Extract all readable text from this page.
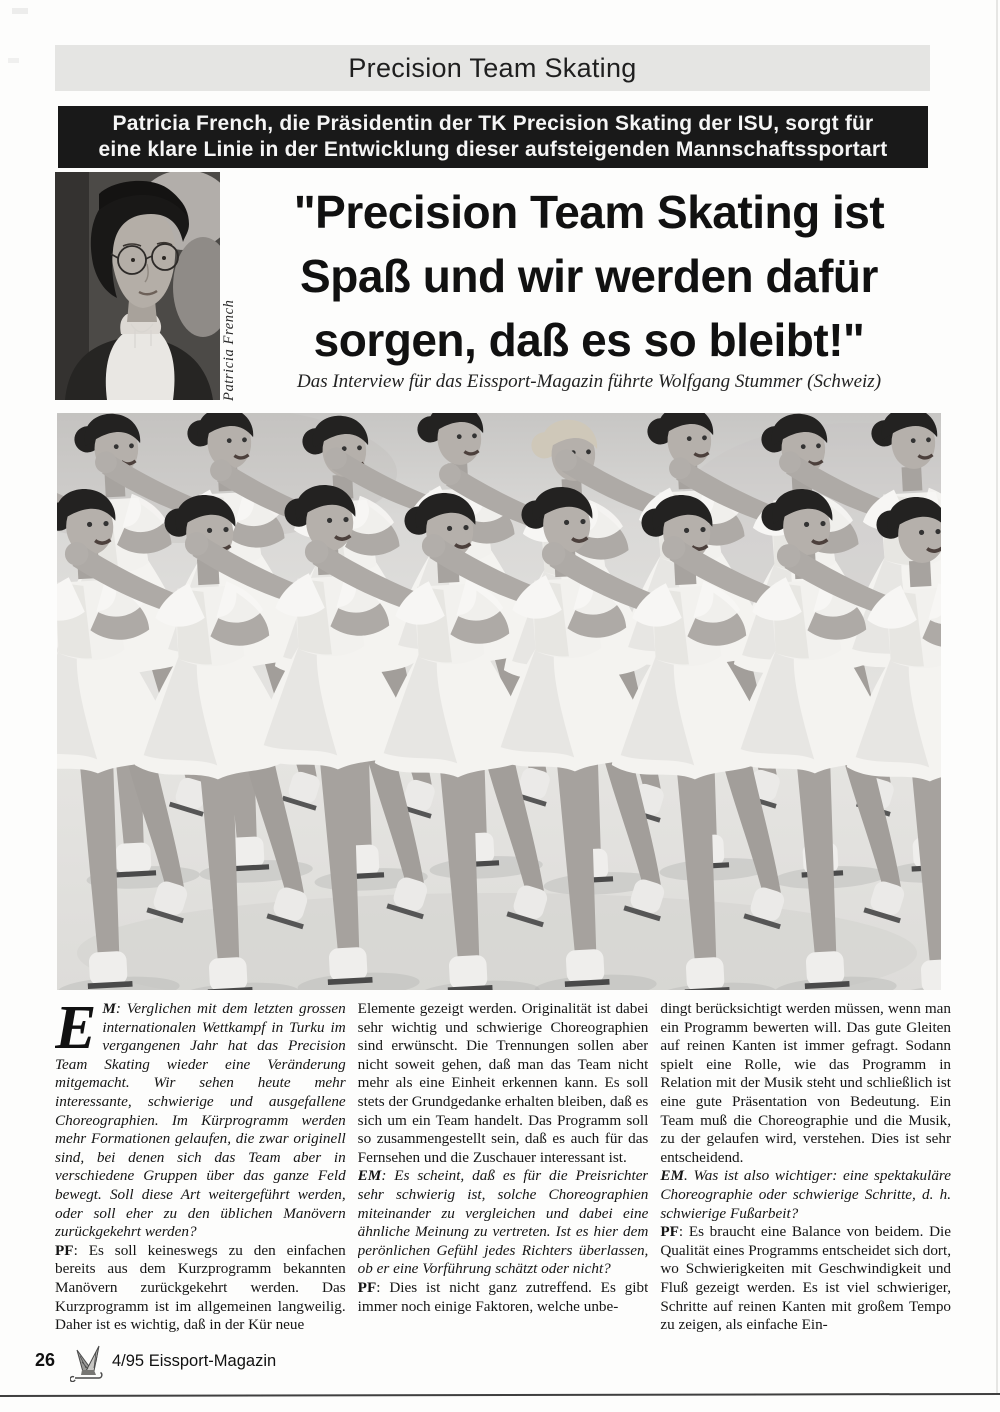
Precision Team Skating
Patricia French, die Präsidentin der TK Precision Skating der ISU, sorgt für
eine klare Linie in der Entwicklung dieser aufsteigenden Mannschaftssportart
Patricia French
"Precision Team Skating ist
Spaß und wir werden dafür
sorgen, daß es so bleibt!"
Das Interview für das Eissport-Magazin führte Wolfgang Stummer (Schweiz)

E M: Verglichen mit dem letzten grossen internationalen Wettkampf in Turku im vergangenen Jahr hat das Precision Team Skating wieder eine Veränderung mitgemacht. Wir sehen heute mehr interessante, schwierige und ausgefallene Choreographien. Im Kürprogramm werden mehr Formationen gelaufen, die zwar originell sind, bei denen sich das Team aber in verschiedene Gruppen über das ganze Feld bewegt. Soll diese Art weitergeführt werden, oder soll eher zu den üblichen Manövern zurückgekehrt werden?

PF: Es soll keineswegs zu den einfachen bereits aus dem Kurzprogramm bekannten Manövern zurückgekehrt werden. Das Kurzprogramm ist im allgemeinen langweilig. Daher ist es wichtig, daß in der Kür neue

Elemente gezeigt werden. Originalität ist dabei sehr wichtig und schwierige Choreographien sind erwünscht. Die Trennungen sollen aber nicht soweit gehen, daß man das Team nicht mehr als eine Einheit erkennen kann. Es soll stets der Grundgedanke erhalten bleiben, daß es sich um ein Team handelt. Das Programm soll so zusammengestellt sein, daß es auch für das Fernsehen und die Zuschauer interessant ist.

EM: Es scheint, daß es für die Preisrichter sehr schwierig ist, solche Choreographien miteinander zu vergleichen und dabei eine ähnliche Meinung zu vertreten. Ist es hier dem perönlichen Gefühl jedes Richters überlassen, ob er eine Vorführung schätzt oder nicht?

PF: Dies ist nicht ganz zutreffend. Es gibt immer noch einige Faktoren, welche unbe-

dingt berücksichtigt werden müssen, wenn man ein Programm bewerten will. Das gute Gleiten auf reinen Kanten ist immer gefragt. Sodann spielt eine Rolle, wie das Programm in Relation mit der Musik steht und schließlich ist eine gute Präsentation von Bedeutung. Ein Team muß die Choreographie und die Musik, zu der gelaufen wird, verstehen. Dies ist sehr entscheidend.

EM. Was ist also wichtiger: eine spektakuläre Choreographie oder schwierige Schritte, d. h. schwierige Fußarbeit?

PF: Es braucht eine Balance von beidem. Die Qualität eines Programms entscheidet sich dort, wo Schwierigkeiten mit Geschwindigkeit und Fluß gezeigt werden. Es ist viel schwieriger, Schritte auf reinen Kanten mit großem Tempo zu zeigen, als einfache Ein-

26	4/95 Eissport-Magazin
